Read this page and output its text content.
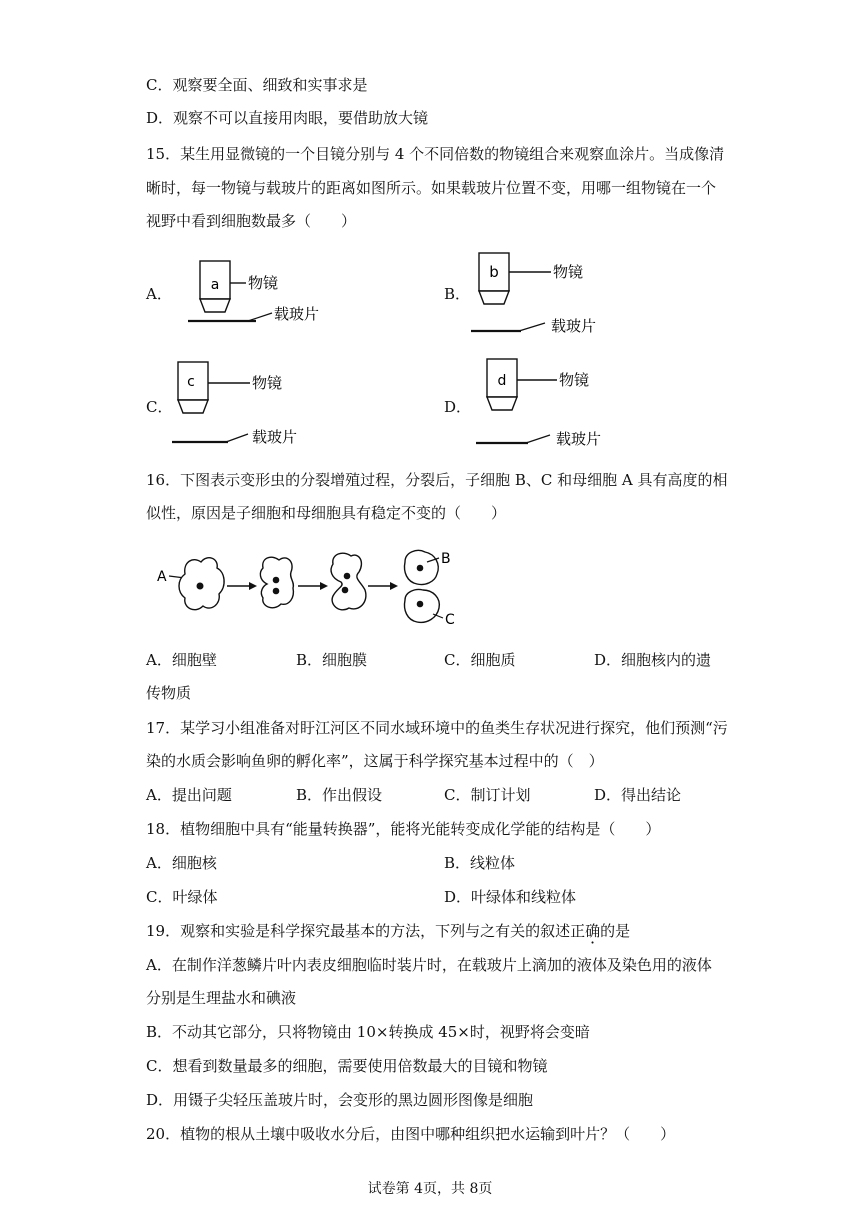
C．观察要全面、细致和实事求是
D．观察不可以直接用肉眼，要借助放大镜
15．某生用显微镜的一个目镜分别与 4 个不同倍数的物镜组合来观察血涂片。当成像清
晰时，每一物镜与载玻片的距离如图所示。如果载玻片位置不变，用哪一组物镜在一个
视野中看到细胞数最多（　　）
A．	B．
C．	D．
a 物镜
载玻片
b	物镜
载玻片
c	物镜
载玻片
d	物镜
载玻片
16．下图表示变形虫的分裂增殖过程，分裂后，子细胞 B、C 和母细胞 A 具有高度的相
似性，原因是子细胞和母细胞具有稳定不变的（　　）
A
B
C
A．细胞壁	B．细胞膜	C．细胞质	D．细胞核内的遗
传物质
17．某学习小组准备对盱江河区不同水域环境中的鱼类生存状况进行探究，他们预测“污
染的水质会影响鱼卵的孵化率”，这属于科学探究基本过程中的（　）
A．提出问题	B．作出假设	C．制订计划	D．得出结论
18．植物细胞中具有“能量转换器”，能将光能转变成化学能的结构是（　　）
A．细胞核	B．线粒体
C．叶绿体	D．叶绿体和线粒体
19．观察和实验是科学探究最基本的方法，下列与之有关的叙述正确的是
A．在制作洋葱鳞片叶内表皮细胞临时装片时，在载玻片上滴加的液体及染色用的液体
分别是生理盐水和碘液
B．不动其它部分，只将物镜由 10×转换成 45×时，视野将会变暗
C．想看到数量最多的细胞，需要使用倍数最大的目镜和物镜
D．用镊子尖轻压盖玻片时，会变形的黑边圆形图像是细胞
20．植物的根从土壤中吸收水分后，由图中哪种组织把水运输到叶片？（　　）
试卷第 4页，共 8页
